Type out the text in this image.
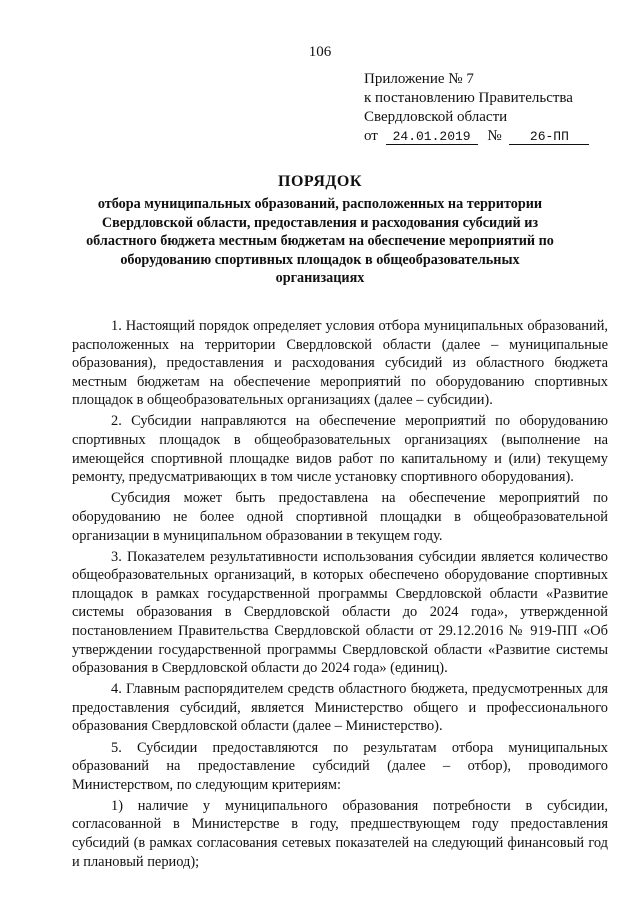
106
Приложение № 7
к постановлению Правительства
Свердловской области
от 24.01.2019 № 26-ПП
ПОРЯДОК
отбора муниципальных образований, расположенных на территории Свердловской области, предоставления и расходования субсидий из областного бюджета местным бюджетам на обеспечение мероприятий по оборудованию спортивных площадок в общеобразовательных организациях

1. Настоящий порядок определяет условия отбора муниципальных образований, расположенных на территории Свердловской области (далее – муниципальные образования), предоставления и расходования субсидий из областного бюджета местным бюджетам на обеспечение мероприятий по оборудованию спортивных площадок в общеобразовательных организациях (далее – субсидии).

2. Субсидии направляются на обеспечение мероприятий по оборудованию спортивных площадок в общеобразовательных организациях (выполнение на имеющейся спортивной площадке видов работ по капитальному и (или) текущему ремонту, предусматривающих в том числе установку спортивного оборудования).

Субсидия может быть предоставлена на обеспечение мероприятий по оборудованию не более одной спортивной площадки в общеобразовательной организации в муниципальном образовании в текущем году.

3. Показателем результативности использования субсидии является количество общеобразовательных организаций, в которых обеспечено оборудование спортивных площадок в рамках государственной программы Свердловской области «Развитие системы образования в Свердловской области до 2024 года», утвержденной постановлением Правительства Свердловской области от 29.12.2016 № 919-ПП «Об утверждении государственной программы Свердловской области «Развитие системы образования в Свердловской области до 2024 года» (единиц).

4. Главным распорядителем средств областного бюджета, предусмотренных для предоставления субсидий, является Министерство общего и профессионального образования Свердловской области (далее – Министерство).

5. Субсидии предоставляются по результатам отбора муниципальных образований на предоставление субсидий (далее – отбор), проводимого Министерством, по следующим критериям:

1) наличие у муниципального образования потребности в субсидии, согласованной в Министерстве в году, предшествующем году предоставления субсидий (в рамках согласования сетевых показателей на следующий финансовый год и плановый период);
